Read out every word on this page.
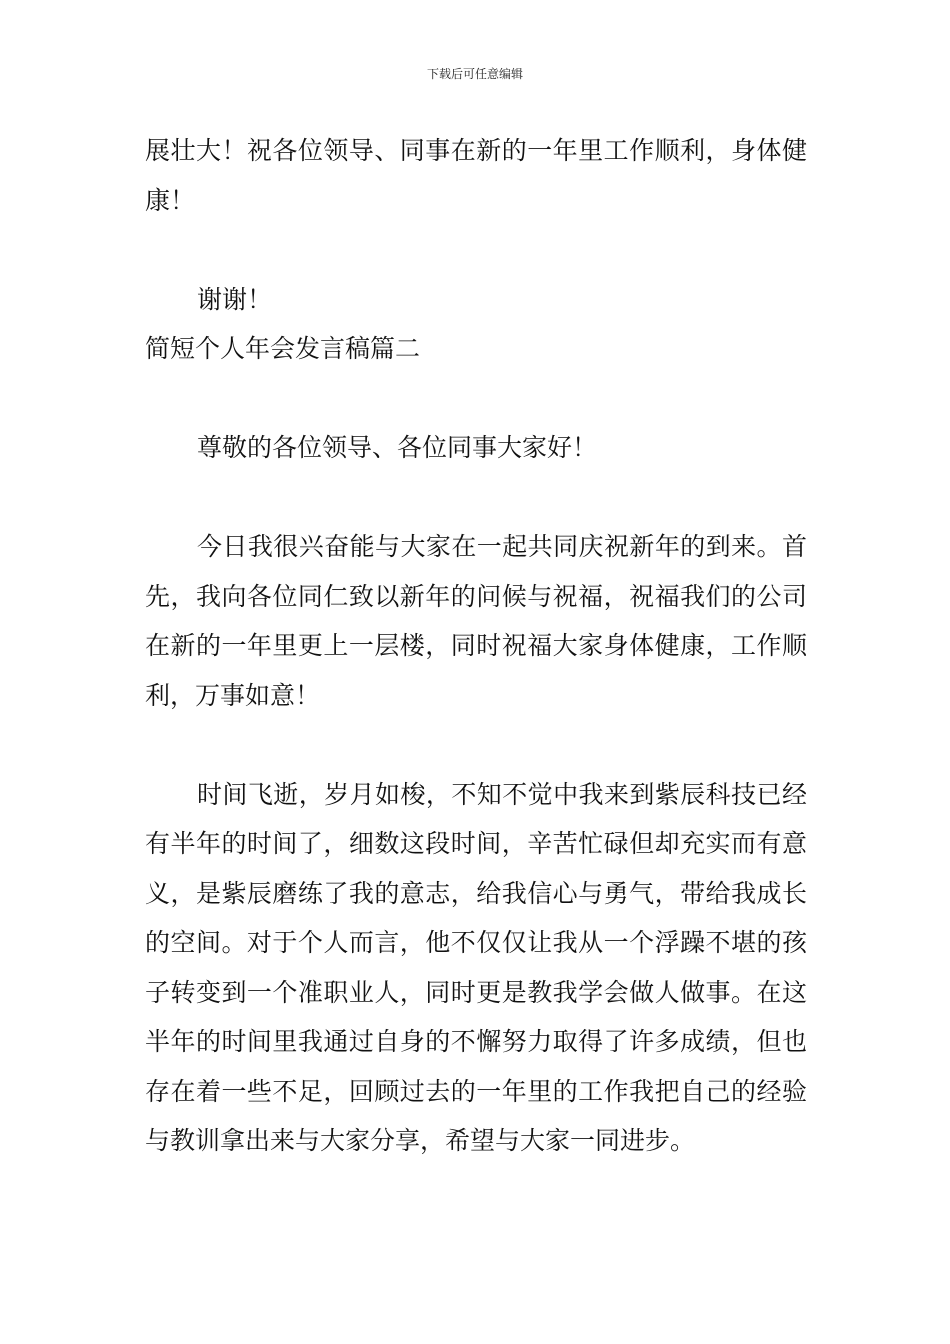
下载后可任意编辑

展壮大！祝各位领导、同事在新的一年里工作顺利，身体健康！

谢谢！

简短个人年会发言稿篇二

尊敬的各位领导、各位同事大家好！

今日我很兴奋能与大家在一起共同庆祝新年的到来。首先，我向各位同仁致以新年的问候与祝福，祝福我们的公司在新的一年里更上一层楼，同时祝福大家身体健康，工作顺利，万事如意！

时间飞逝，岁月如梭，不知不觉中我来到紫辰科技已经有半年的时间了，细数这段时间，辛苦忙碌但却充实而有意义，是紫辰磨练了我的意志，给我信心与勇气，带给我成长的空间。对于个人而言，他不仅仅让我从一个浮躁不堪的孩子转变到一个准职业人，同时更是教我学会做人做事。在这半年的时间里我通过自身的不懈努力取得了许多成绩，但也存在着一些不足，回顾过去的一年里的工作我把自己的经验与教训拿出来与大家分享，希望与大家一同进步。
